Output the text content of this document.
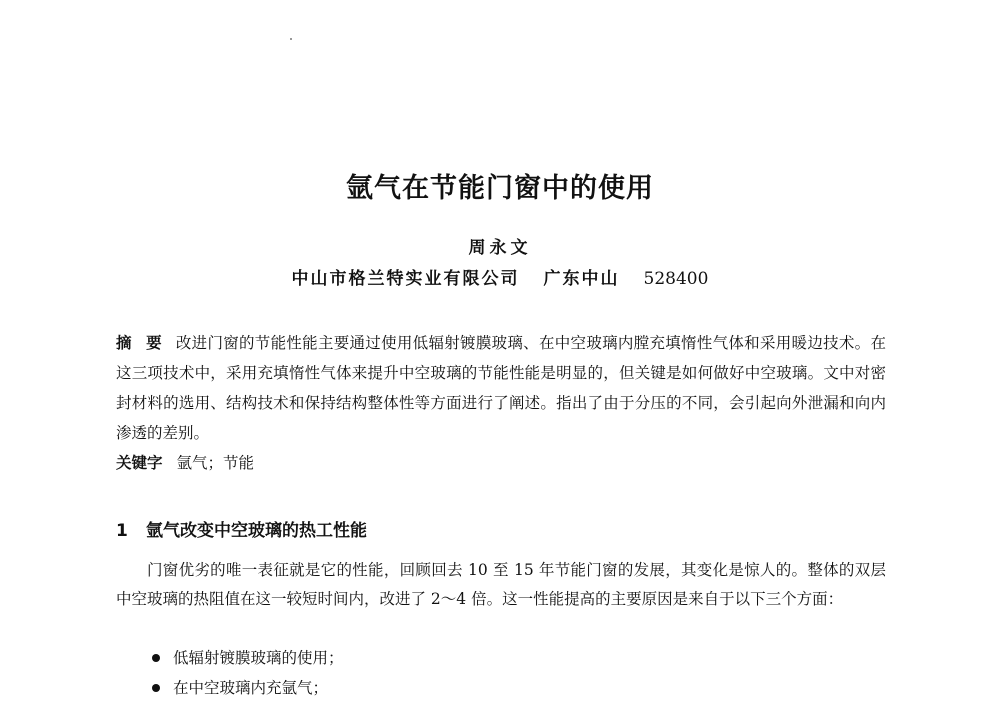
氩气在节能门窗中的使用
周永文
中山市格兰特实业有限公司 广东中山 528400
摘 要 改进门窗的节能性能主要通过使用低辐射镀膜玻璃、在中空玻璃内膛充填惰性气体和采用暖边技术。在这三项技术中，采用充填惰性气体来提升中空玻璃的节能性能是明显的，但关键是如何做好中空玻璃。文中对密封材料的选用、结构技术和保持结构整体性等方面进行了阐述。指出了由于分压的不同，会引起向外泄漏和向内渗透的差别。
关键字 氩气；节能
1 氩气改变中空玻璃的热工性能
门窗优劣的唯一表征就是它的性能，回顾回去 10 至 15 年节能门窗的发展，其变化是惊人的。整体的双层中空玻璃的热阻值在这一较短时间内，改进了 2～4 倍。这一性能提高的主要原因是来自于以下三个方面：
低辐射镀膜玻璃的使用；
在中空玻璃内充氩气；
